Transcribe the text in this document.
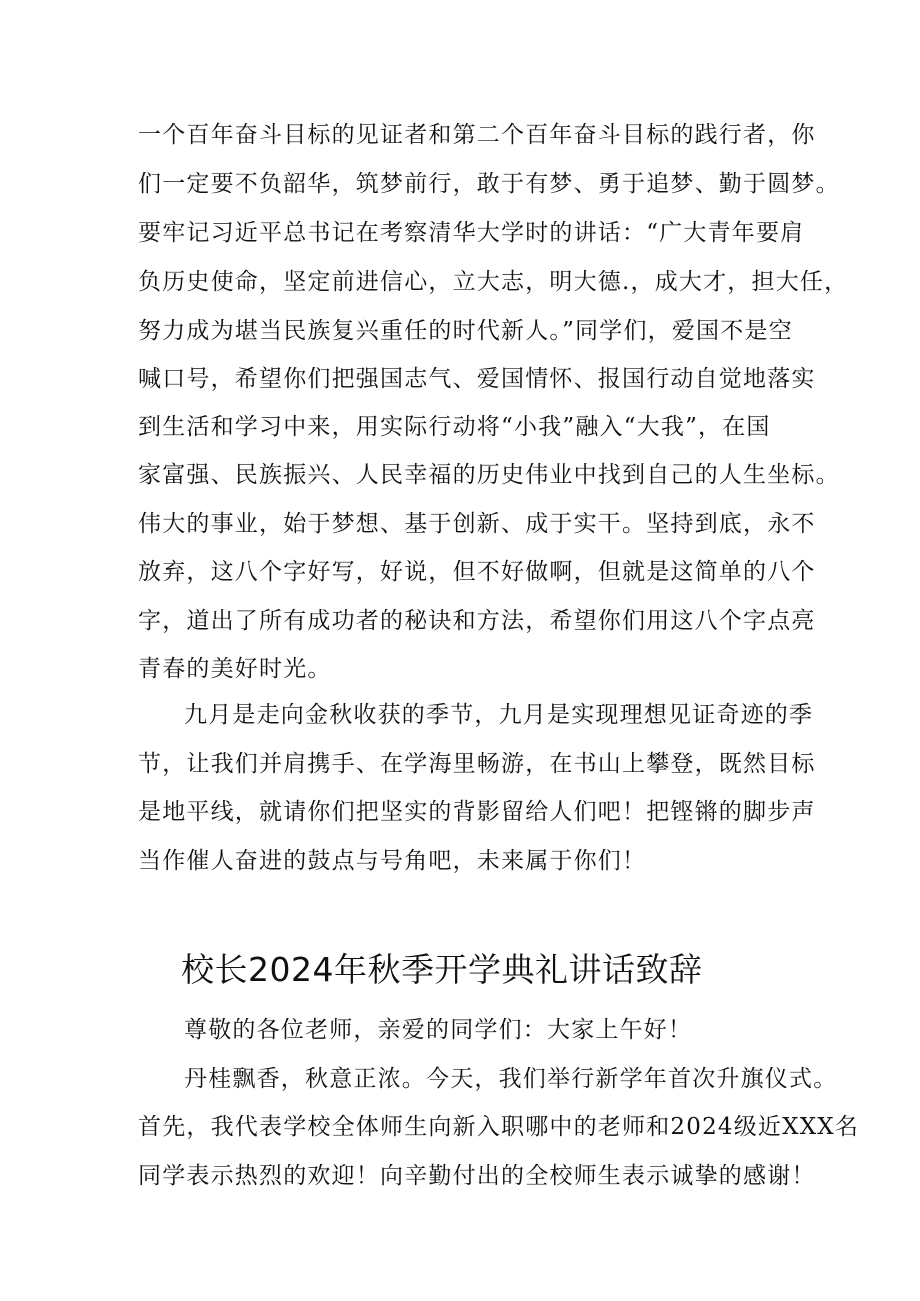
一个百年奋斗目标的见证者和第二个百年奋斗目标的践行者，你
们一定要不负韶华，筑梦前行，敢于有梦、勇于追梦、勤于圆梦。
要牢记习近平总书记在考察清华大学时的讲话：“广大青年要肩
负历史使命，坚定前进信心，立大志，明大德.，成大才，担大任，
努力成为堪当民族复兴重任的时代新人。”同学们，爱国不是空
喊口号，希望你们把强国志气、爱国情怀、报国行动自觉地落实
到生活和学习中来，用实际行动将“小我”融入“大我”，在国
家富强、民族振兴、人民幸福的历史伟业中找到自己的人生坐标。
伟大的事业，始于梦想、基于创新、成于实干。坚持到底，永不
放弃，这八个字好写，好说，但不好做啊，但就是这简单的八个
字，道出了所有成功者的秘诀和方法，希望你们用这八个字点亮
青春的美好时光。
九月是走向金秋收获的季节，九月是实现理想见证奇迹的季
节，让我们并肩携手、在学海里畅游，在书山上攀登，既然目标
是地平线，就请你们把坚实的背影留给人们吧！把铿锵的脚步声
当作催人奋进的鼓点与号角吧，未来属于你们！
校长2024年秋季开学典礼讲话致辞
尊敬的各位老师，亲爱的同学们：大家上午好！
丹桂飘香，秋意正浓。今天，我们举行新学年首次升旗仪式。
首先，我代表学校全体师生向新入职哪中的老师和2024级近XXX名
同学表示热烈的欢迎！向辛勤付出的全校师生表示诚挚的感谢！
